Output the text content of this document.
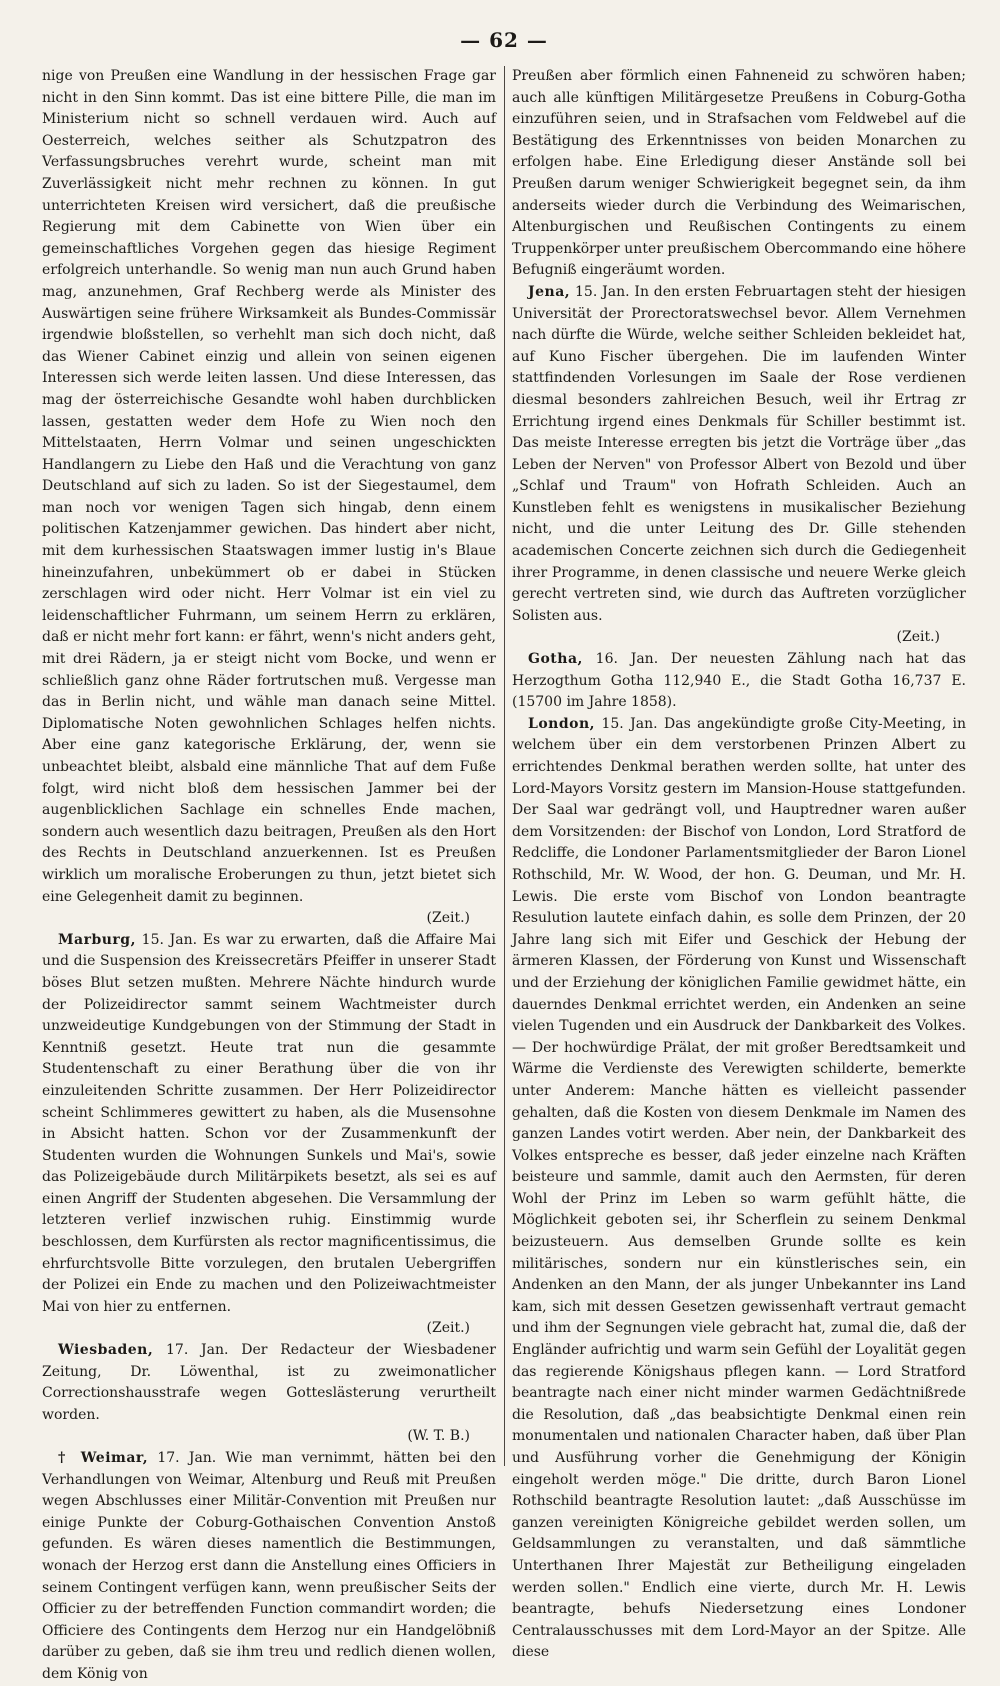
— 62 —

nige von Preußen eine Wandlung in der hessischen Frage gar nicht in den Sinn kommt. Das ist eine bittere Pille, die man im Ministerium nicht so schnell verdauen wird. Auch auf Oesterreich, welches seither als Schutzpatron des Verfassungsbruches verehrt wurde, scheint man mit Zuverlässigkeit nicht mehr rechnen zu können. In gut unterrichteten Kreisen wird versichert, daß die preußische Regierung mit dem Cabinette von Wien über ein gemeinschaftliches Vorgehen gegen das hiesige Regiment erfolgreich unterhandle. So wenig man nun auch Grund haben mag, anzunehmen, Graf Rechberg werde als Minister des Auswärtigen seine frühere Wirksamkeit als Bundes-Commissär irgendwie bloßstellen, so verhehlt man sich doch nicht, daß das Wiener Cabinet einzig und allein von seinen eigenen Interessen sich werde leiten lassen. Und diese Interessen, das mag der österreichische Gesandte wohl haben durchblicken lassen, gestatten weder dem Hofe zu Wien noch den Mittelstaaten, Herrn Volmar und seinen ungeschickten Handlangern zu Liebe den Haß und die Verachtung von ganz Deutschland auf sich zu laden. So ist der Siegestaumel, dem man noch vor wenigen Tagen sich hingab, denn einem politischen Katzenjammer gewichen. Das hindert aber nicht, mit dem kurhessischen Staatswagen immer lustig in's Blaue hineinzufahren, unbekümmert ob er dabei in Stücken zerschlagen wird oder nicht. Herr Volmar ist ein viel zu leidenschaftlicher Fuhrmann, um seinem Herrn zu erklären, daß er nicht mehr fort kann: er fährt, wenn's nicht anders geht, mit drei Rädern, ja er steigt nicht vom Bocke, und wenn er schließlich ganz ohne Räder fortrutschen muß. Vergesse man das in Berlin nicht, und wähle man danach seine Mittel. Diplomatische Noten gewohnlichen Schlages helfen nichts. Aber eine ganz kategorische Erklärung, der, wenn sie unbeachtet bleibt, alsbald eine männliche That auf dem Fuße folgt, wird nicht bloß dem hessischen Jammer bei der augenblicklichen Sachlage ein schnelles Ende machen, sondern auch wesentlich dazu beitragen, Preußen als den Hort des Rechts in Deutschland anzuerkennen. Ist es Preußen wirklich um moralische Eroberungen zu thun, jetzt bietet sich eine Gelegenheit damit zu beginnen.

(Zeit.)

Marburg, 15. Jan. Es war zu erwarten, daß die Affaire Mai und die Suspension des Kreissecretärs Pfeiffer in unserer Stadt böses Blut setzen mußten. Mehrere Nächte hindurch wurde der Polizeidirector sammt seinem Wachtmeister durch unzweideutige Kundgebungen von der Stimmung der Stadt in Kenntniß gesetzt. Heute trat nun die gesammte Studentenschaft zu einer Berathung über die von ihr einzuleitenden Schritte zusammen. Der Herr Polizeidirector scheint Schlimmeres gewittert zu haben, als die Musensohne in Absicht hatten. Schon vor der Zusammenkunft der Studenten wurden die Wohnungen Sunkels und Mai's, sowie das Polizeigebäude durch Militärpikets besetzt, als sei es auf einen Angriff der Studenten abgesehen. Die Versammlung der letzteren verlief inzwischen ruhig. Einstimmig wurde beschlossen, dem Kurfürsten als rector magnificentissimus, die ehrfurchtsvolle Bitte vorzulegen, den brutalen Uebergriffen der Polizei ein Ende zu machen und den Polizeiwachtmeister Mai von hier zu entfernen.

(Zeit.)

Wiesbaden, 17. Jan. Der Redacteur der Wiesbadener Zeitung, Dr. Löwenthal, ist zu zweimonatlicher Correctionshausstrafe wegen Gotteslästerung verurtheilt worden.

(W. T. B.)

† Weimar, 17. Jan. Wie man vernimmt, hätten bei den Verhandlungen von Weimar, Altenburg und Reuß mit Preußen wegen Abschlusses einer Militär-Convention mit Preußen nur einige Punkte der Coburg-Gothaischen Convention Anstoß gefunden. Es wären dieses namentlich die Bestimmungen, wonach der Herzog erst dann die Anstellung eines Officiers in seinem Contingent verfügen kann, wenn preußischer Seits der Officier zu der betreffenden Function commandirt worden; die Officiere des Contingents dem Herzog nur ein Handgelöbniß darüber zu geben, daß sie ihm treu und redlich dienen wollen, dem König von

Preußen aber förmlich einen Fahneneid zu schwören haben; auch alle künftigen Militärgesetze Preußens in Coburg-Gotha einzuführen seien, und in Strafsachen vom Feldwebel auf die Bestätigung des Erkenntnisses von beiden Monarchen zu erfolgen habe. Eine Erledigung dieser Anstände soll bei Preußen darum weniger Schwierigkeit begegnet sein, da ihm anderseits wieder durch die Verbindung des Weimarischen, Altenburgischen und Reußischen Contingents zu einem Truppenkörper unter preußischem Obercommando eine höhere Befugniß eingeräumt worden.

Jena, 15. Jan. In den ersten Februartagen steht der hiesigen Universität der Prorectoratswechsel bevor. Allem Vernehmen nach dürfte die Würde, welche seither Schleiden bekleidet hat, auf Kuno Fischer übergehen. Die im laufenden Winter stattfindenden Vorlesungen im Saale der Rose verdienen diesmal besonders zahlreichen Besuch, weil ihr Ertrag zr Errichtung irgend eines Denkmals für Schiller bestimmt ist. Das meiste Interesse erregten bis jetzt die Vorträge über „das Leben der Nerven" von Professor Albert von Bezold und über „Schlaf und Traum" von Hofrath Schleiden. Auch an Kunstleben fehlt es wenigstens in musikalischer Beziehung nicht, und die unter Leitung des Dr. Gille stehenden academischen Concerte zeichnen sich durch die Gediegenheit ihrer Programme, in denen classische und neuere Werke gleich gerecht vertreten sind, wie durch das Auftreten vorzüglicher Solisten aus.

(Zeit.)

Gotha, 16. Jan. Der neuesten Zählung nach hat das Herzogthum Gotha 112,940 E., die Stadt Gotha 16,737 E. (15700 im Jahre 1858).

London, 15. Jan. Das angekündigte große City-Meeting, in welchem über ein dem verstorbenen Prinzen Albert zu errichtendes Denkmal berathen werden sollte, hat unter des Lord-Mayors Vorsitz gestern im Mansion-House stattgefunden. Der Saal war gedrängt voll, und Hauptredner waren außer dem Vorsitzenden: der Bischof von London, Lord Stratford de Redcliffe, die Londoner Parlamentsmitglieder der Baron Lionel Rothschild, Mr. W. Wood, der hon. G. Deuman, und Mr. H. Lewis. Die erste vom Bischof von London beantragte Resulution lautete einfach dahin, es solle dem Prinzen, der 20 Jahre lang sich mit Eifer und Geschick der Hebung der ärmeren Klassen, der Förderung von Kunst und Wissenschaft und der Erziehung der königlichen Familie gewidmet hätte, ein dauerndes Denkmal errichtet werden, ein Andenken an seine vielen Tugenden und ein Ausdruck der Dankbarkeit des Volkes. — Der hochwürdige Prälat, der mit großer Beredtsamkeit und Wärme die Verdienste des Verewigten schilderte, bemerkte unter Anderem: Manche hätten es vielleicht passender gehalten, daß die Kosten von diesem Denkmale im Namen des ganzen Landes votirt werden. Aber nein, der Dankbarkeit des Volkes entspreche es besser, daß jeder einzelne nach Kräften beisteure und sammle, damit auch den Aermsten, für deren Wohl der Prinz im Leben so warm gefühlt hätte, die Möglichkeit geboten sei, ihr Scherflein zu seinem Denkmal beizusteuern. Aus demselben Grunde sollte es kein militärisches, sondern nur ein künstlerisches sein, ein Andenken an den Mann, der als junger Unbekannter ins Land kam, sich mit dessen Gesetzen gewissenhaft vertraut gemacht und ihm der Segnungen viele gebracht hat, zumal die, daß der Engländer aufrichtig und warm sein Gefühl der Loyalität gegen das regierende Königshaus pflegen kann. — Lord Stratford beantragte nach einer nicht minder warmen Gedächtnißrede die Resolution, daß „das beabsichtigte Denkmal einen rein monumentalen und nationalen Character haben, daß über Plan und Ausführung vorher die Genehmigung der Königin eingeholt werden möge." Die dritte, durch Baron Lionel Rothschild beantragte Resolution lautet: „daß Ausschüsse im ganzen vereinigten Königreiche gebildet werden sollen, um Geldsammlungen zu veranstalten, und daß sämmtliche Unterthanen Ihrer Majestät zur Betheiligung eingeladen werden sollen." Endlich eine vierte, durch Mr. H. Lewis beantragte, behufs Niedersetzung eines Londoner Centralausschusses mit dem Lord-Mayor an der Spitze. Alle diese
